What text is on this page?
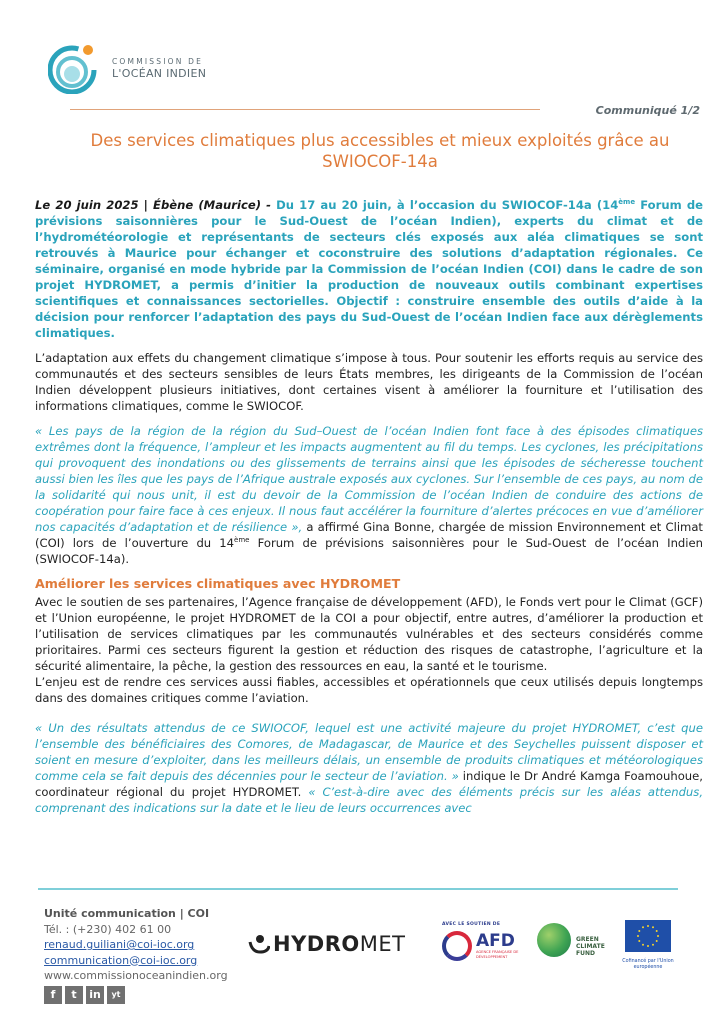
COMMISSION DE
L'OCÉAN INDIEN
Communiqué 1/2
Des services climatiques plus accessibles et mieux exploités grâce au SWIOCOF-14a

Le 20 juin 2025 | Ébène (Maurice) - Du 17 au 20 juin, à l’occasion du SWIOCOF-14a (14ème Forum de prévisions saisonnières pour le Sud-Ouest de l’océan Indien), experts du climat et de l’hydrométéorologie et représentants de secteurs clés exposés aux aléa climatiques se sont retrouvés à Maurice pour échanger et coconstruire des solutions d’adaptation régionales. Ce séminaire, organisé en mode hybride par la Commission de l’océan Indien (COI) dans le cadre de son projet HYDROMET, a permis d’initier la production de nouveaux outils combinant expertises scientifiques et connaissances sectorielles. Objectif : construire ensemble des outils d’aide à la décision pour renforcer l’adaptation des pays du Sud-Ouest de l’océan Indien face aux dérèglements climatiques.

L’adaptation aux effets du changement climatique s’impose à tous. Pour soutenir les efforts requis au service des communautés et des secteurs sensibles de leurs États membres, les dirigeants de la Commission de l’océan Indien développent plusieurs initiatives, dont certaines visent à améliorer la fourniture et l’utilisation des informations climatiques, comme le SWIOCOF.

« Les pays de la région de la région du Sud–Ouest de l’océan Indien font face à des épisodes climatiques extrêmes dont la fréquence, l’ampleur et les impacts augmentent au fil du temps. Les cyclones, les précipitations qui provoquent des inondations ou des glissements de terrains ainsi que les épisodes de sécheresse touchent aussi bien les îles que les pays de l’Afrique australe exposés aux cyclones. Sur l’ensemble de ces pays, au nom de la solidarité qui nous unit, il est du devoir de la Commission de l’océan Indien de conduire des actions de coopération pour faire face à ces enjeux. Il nous faut accélérer la fourniture d’alertes précoces en vue d’améliorer nos capacités d’adaptation et de résilience », a affirmé Gina Bonne, chargée de mission Environnement et Climat (COI) lors de l’ouverture du 14ème Forum de prévisions saisonnières pour le Sud-Ouest de l’océan Indien (SWIOCOF-14a).

Améliorer les services climatiques avec HYDROMET

Avec le soutien de ses partenaires, l’Agence française de développement (AFD), le Fonds vert pour le Climat (GCF) et l’Union européenne, le projet HYDROMET de la COI a pour objectif, entre autres, d’améliorer la production et l’utilisation de services climatiques par les communautés vulnérables et des secteurs considérés comme prioritaires. Parmi ces secteurs figurent la gestion et réduction des risques de catastrophe, l’agriculture et la sécurité alimentaire, la pêche, la gestion des ressources en eau, la santé et le tourisme.

L’enjeu est de rendre ces services aussi fiables, accessibles et opérationnels que ceux utilisés depuis longtemps dans des domaines critiques comme l’aviation.

« Un des résultats attendus de ce SWIOCOF, lequel est une activité majeure du projet HYDROMET, c’est que l’ensemble des bénéficiaires des Comores, de Madagascar, de Maurice et des Seychelles puissent disposer et soient en mesure d’exploiter, dans les meilleurs délais, un ensemble de produits climatiques et météorologiques comme cela se fait depuis des décennies pour le secteur de l’aviation. » indique le Dr André Kamga Foamouhoue, coordinateur régional du projet HYDROMET. « C’est-à-dire avec des éléments précis sur les aléas attendus, comprenant des indications sur la date et le lieu de leurs occurrences avec

Unité communication | COI
Tél. : (+230) 402 61 00
renaud.guiliani@coi-ioc.org
communication@coi-ioc.org
www.commissionoceanindien.org
f	t	in	yt
HYDRO MET
AVEC LE SOUTIEN DE
AFD
AGENCE FRANÇAISE DE DÉVELOPPEMENT
GREEN CLIMATE FUND
Cofinancé par l'Union européenne
